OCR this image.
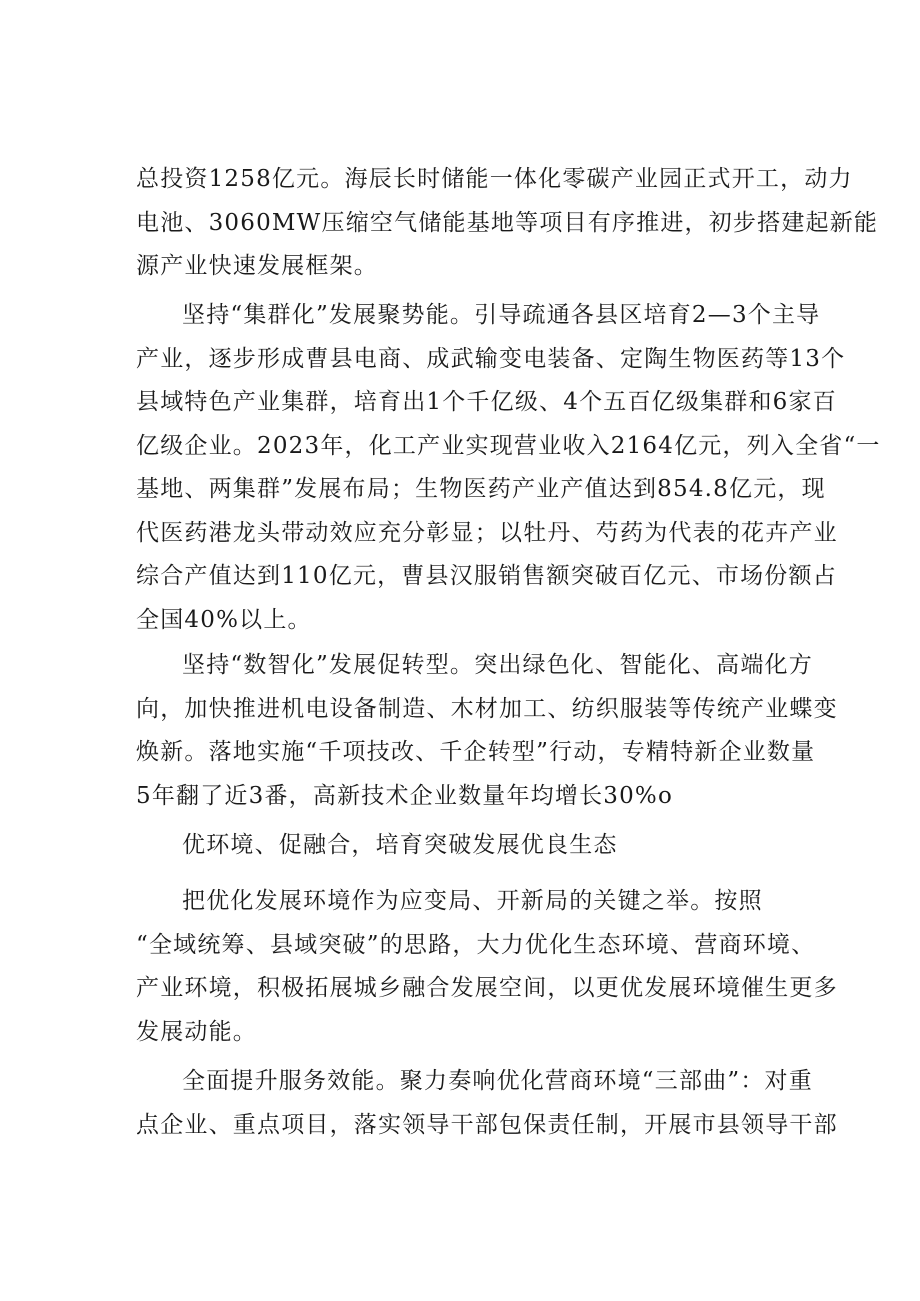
总投资1258亿元。海辰长时储能一体化零碳产业园正式开工，动力
电池、3060MW压缩空气储能基地等项目有序推进，初步搭建起新能
源产业快速发展框架。

坚持“集群化”发展聚势能。引导疏通各县区培育2—3个主导
产业，逐步形成曹县电商、成武输变电装备、定陶生物医药等13个
县域特色产业集群，培育出1个千亿级、4个五百亿级集群和6家百
亿级企业。2023年，化工产业实现营业收入2164亿元，列入全省“一
基地、两集群”发展布局；生物医药产业产值达到854.8亿元，现
代医药港龙头带动效应充分彰显；以牡丹、芍药为代表的花卉产业
综合产值达到110亿元，曹县汉服销售额突破百亿元、市场份额占
全国40%以上。

坚持“数智化”发展促转型。突出绿色化、智能化、高端化方
向，加快推进机电设备制造、木材加工、纺织服装等传统产业蝶变
焕新。落地实施“千项技改、千企转型”行动，专精特新企业数量
5年翻了近3番，高新技术企业数量年均增长30%o

优环境、促融合，培育突破发展优良生态

把优化发展环境作为应变局、开新局的关键之举。按照
“全域统筹、县域突破”的思路，大力优化生态环境、营商环境、
产业环境，积极拓展城乡融合发展空间，以更优发展环境催生更多
发展动能。

全面提升服务效能。聚力奏响优化营商环境“三部曲”：对重
点企业、重点项目，落实领导干部包保责任制，开展市县领导干部
